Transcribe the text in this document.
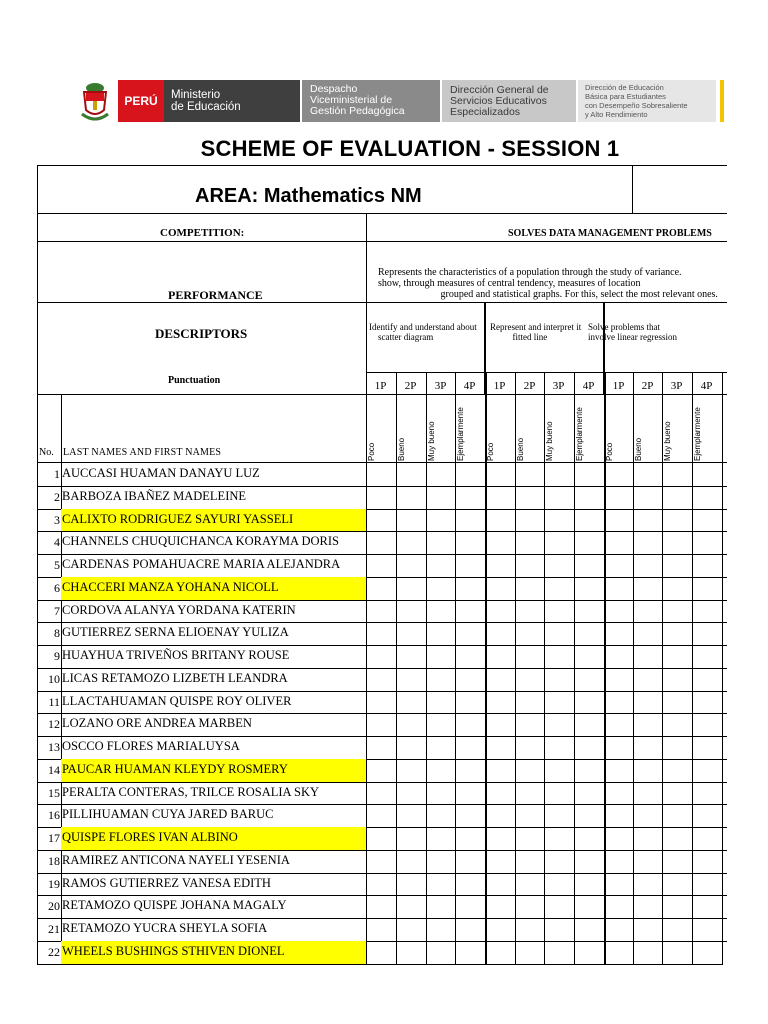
PERÚ	Ministerio
de Educación
Despacho
Viceministerial de
Gestión Pedagógica
Dirección General de
Servicios Educativos
Especializados
Dirección de Educación
Básica para Estudiantes
con Desempeño Sobresaliente
y Alto Rendimiento
SCHEME OF EVALUATION - SESSION 1
AREA: Mathematics NM
COMPETITION:	SOLVES DATA MANAGEMENT PROBLEMS
PERFORMANCE
Represents the characteristics of a population through the study of variance.
show, through measures of central tendency, measures of location
grouped and statistical graphs. For this, select the most relevant ones.
DESCRIPTORS	Identify and understand about
scatter diagram
Represent and interpret it
fitted line
Solve problems that
involve linear regression
Punctuation
No. LAST NAMES AND FIRST NAMES
1P	2P	3P	4P	1P	2P	3P	4P	1P	2P	3P	4P
Poco	Bueno	Muy bueno	Ejemplarmente	Poco	Bueno	Muy bueno	Ejemplarmente	Poco	Bueno	Muy bueno	Ejemplarmente
1 AUCCASI HUAMAN DANAYU LUZ
2 BARBOZA IBAÑEZ MADELEINE
3 CALIXTO RODRIGUEZ SAYURI YASSELI
4 CHANNELS CHUQUICHANCA KORAYMA DORIS
5 CARDENAS POMAHUACRE MARIA ALEJANDRA
6 CHACCERI MANZA YOHANA NICOLL
7 CORDOVA ALANYA YORDANA KATERIN
8 GUTIERREZ SERNA ELIOENAY YULIZA
9 HUAYHUA TRIVEÑOS BRITANY ROUSE
10 LICAS RETAMOZO LIZBETH LEANDRA
11 LLACTAHUAMAN QUISPE ROY OLIVER
12 LOZANO ORE ANDREA MARBEN
13 OSCCO FLORES MARIALUYSA
14 PAUCAR HUAMAN KLEYDY ROSMERY
15 PERALTA CONTERAS, TRILCE ROSALIA SKY
16 PILLIHUAMAN CUYA JARED BARUC
17 QUISPE FLORES IVAN ALBINO
18 RAMIREZ ANTICONA NAYELI YESENIA
19 RAMOS GUTIERREZ VANESA EDITH
20 RETAMOZO QUISPE JOHANA MAGALY
21 RETAMOZO YUCRA SHEYLA SOFIA
22 WHEELS BUSHINGS STHIVEN DIONEL
